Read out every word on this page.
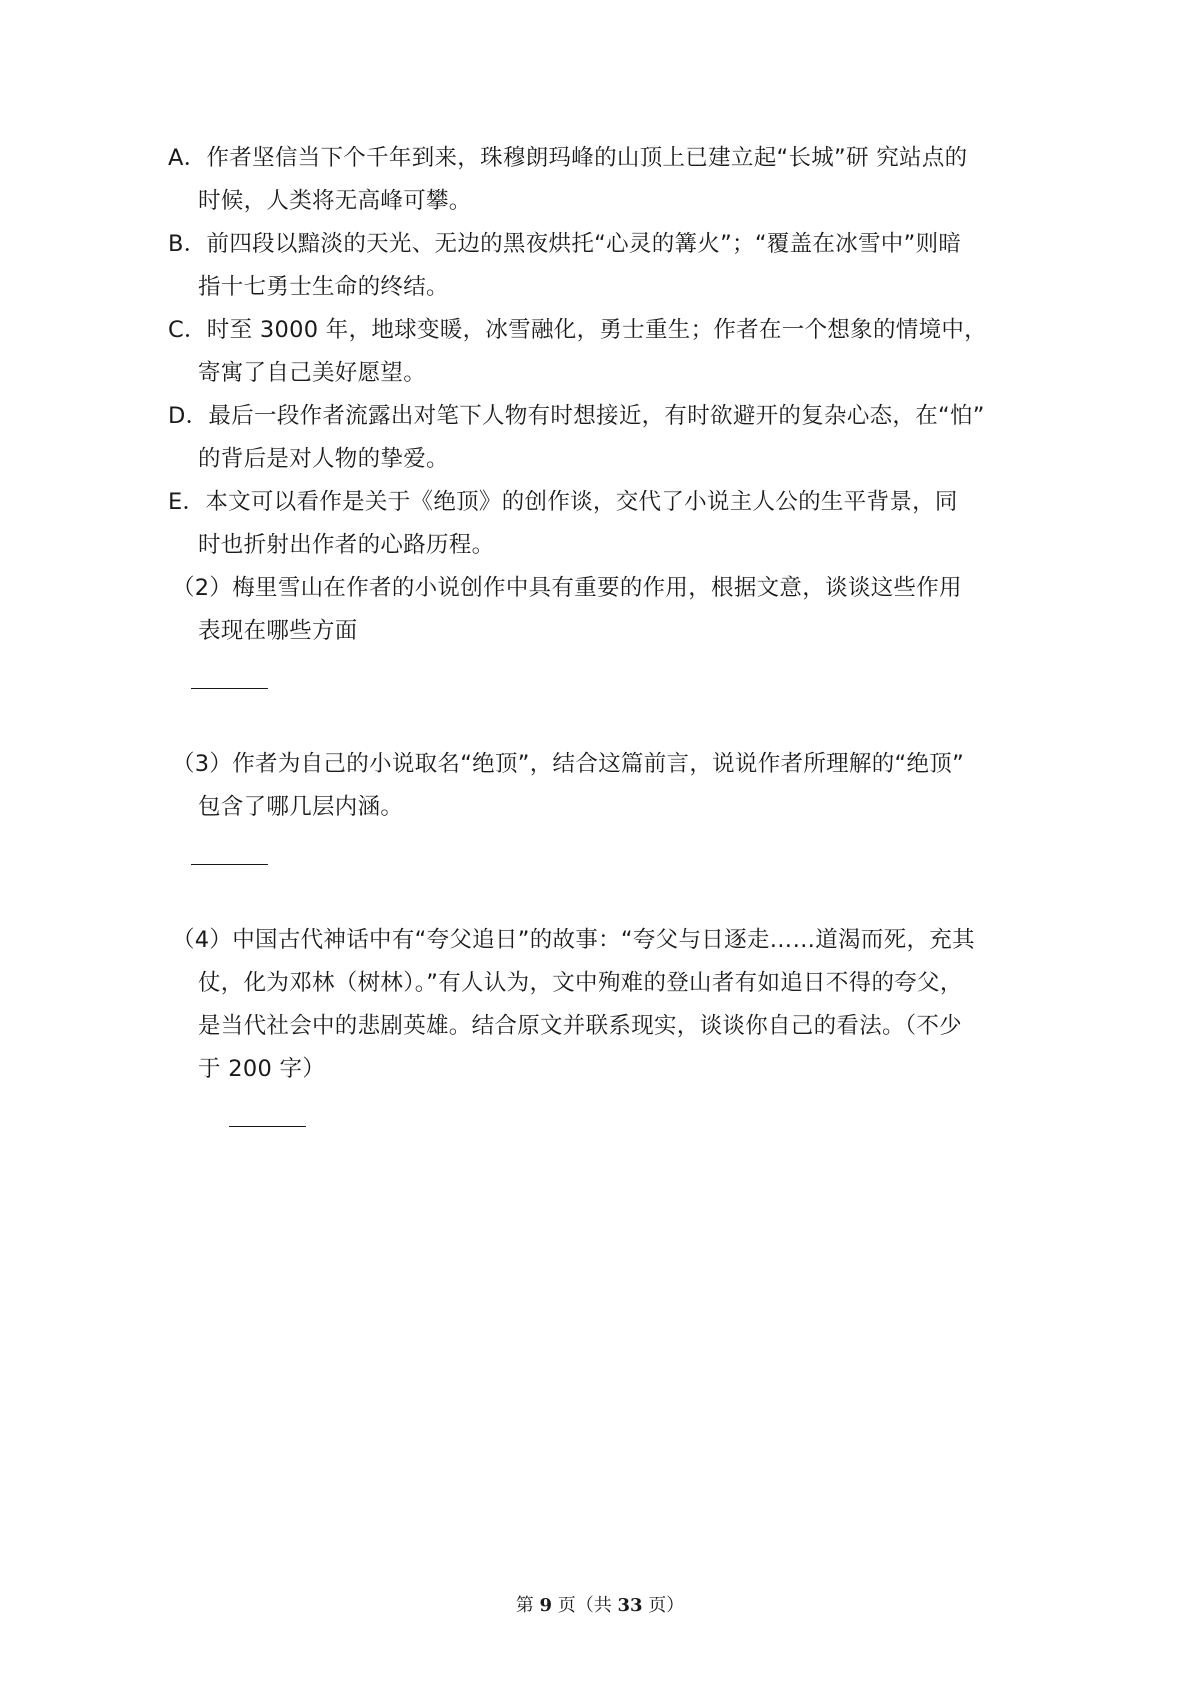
A．作者坚信当下个千年到来，珠穆朗玛峰的山顶上已建立起“长城”研 究站点的
时候，人类将无高峰可攀。
B．前四段以黯淡的天光、无边的黑夜烘托“心灵的篝火”；“覆盖在冰雪中”则暗
指十七勇士生命的终结。
C．时至 3000 年，地球变暖，冰雪融化，勇士重生；作者在一个想象的情境中，
寄寓了自己美好愿望。
D．最后一段作者流露出对笔下人物有时想接近，有时欲避开的复杂心态，在“怕”
的背后是对人物的挚爱。
E．本文可以看作是关于《绝顶》的创作谈，交代了小说主人公的生平背景，同
时也折射出作者的心路历程。
（2）梅里雪山在作者的小说创作中具有重要的作用，根据文意，谈谈这些作用
表现在哪些方面
（3）作者为自己的小说取名“绝顶”，结合这篇前言，说说作者所理解的“绝顶”
包含了哪几层内涵。
（4）中国古代神话中有“夸父追日”的故事：“夸父与日逐走……道渴而死，充其
仗，化为邓林（树林）。”有人认为，文中殉难的登山者有如追日不得的夸父，
是当代社会中的悲剧英雄。结合原文并联系现实，谈谈你自己的看法。（不少
于 200 字）
第 9 页（共 33 页）
